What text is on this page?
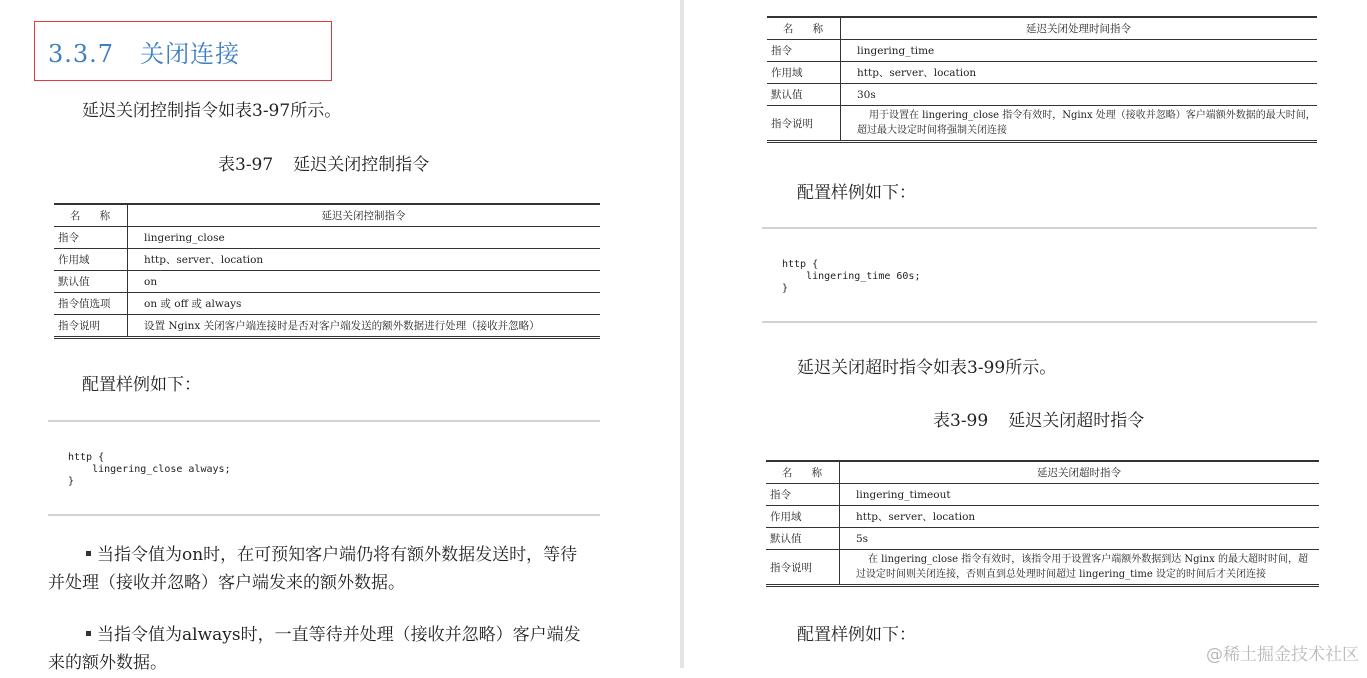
3.3.7 关闭连接
延迟关闭控制指令如表3-97所示。
表3-97 延迟关闭控制指令
名 称	延迟关闭控制指令
指令	lingering_close
作用域	http、server、location
默认值	on
指令值选项	on 或 off 或 always
指令说明	设置 Nginx 关闭客户端连接时是否对客户端发送的额外数据进行处理（接收并忽略）
配置样例如下：
http {
lingering_close always;
}
当指令值为on时，在可预知客户端仍将有额外数据发送时，等待
并处理（接收并忽略）客户端发来的额外数据。
当指令值为always时，一直等待并处理（接收并忽略）客户端发
来的额外数据。
名 称	延迟关闭处理时间指令
指令	lingering_time
作用域	http、server、location
默认值	30s
指令说明	用于设置在 lingering_close 指令有效时，Nginx 处理（接收并忽略）客户端额外数据的最大时间，
超过最大设定时间将强制关闭连接
配置样例如下：
http {
lingering_time 60s;
}
延迟关闭超时指令如表3-99所示。
表3-99 延迟关闭超时指令
名 称	延迟关闭超时指令
指令	lingering_timeout
作用域	http、server、location
默认值	5s
指令说明	在 lingering_close 指令有效时，该指令用于设置客户端额外数据到达 Nginx 的最大超时时间，超
过设定时间则关闭连接，否则直到总处理时间超过 lingering_time 设定的时间后才关闭连接
配置样例如下：
@稀土掘金技术社区
